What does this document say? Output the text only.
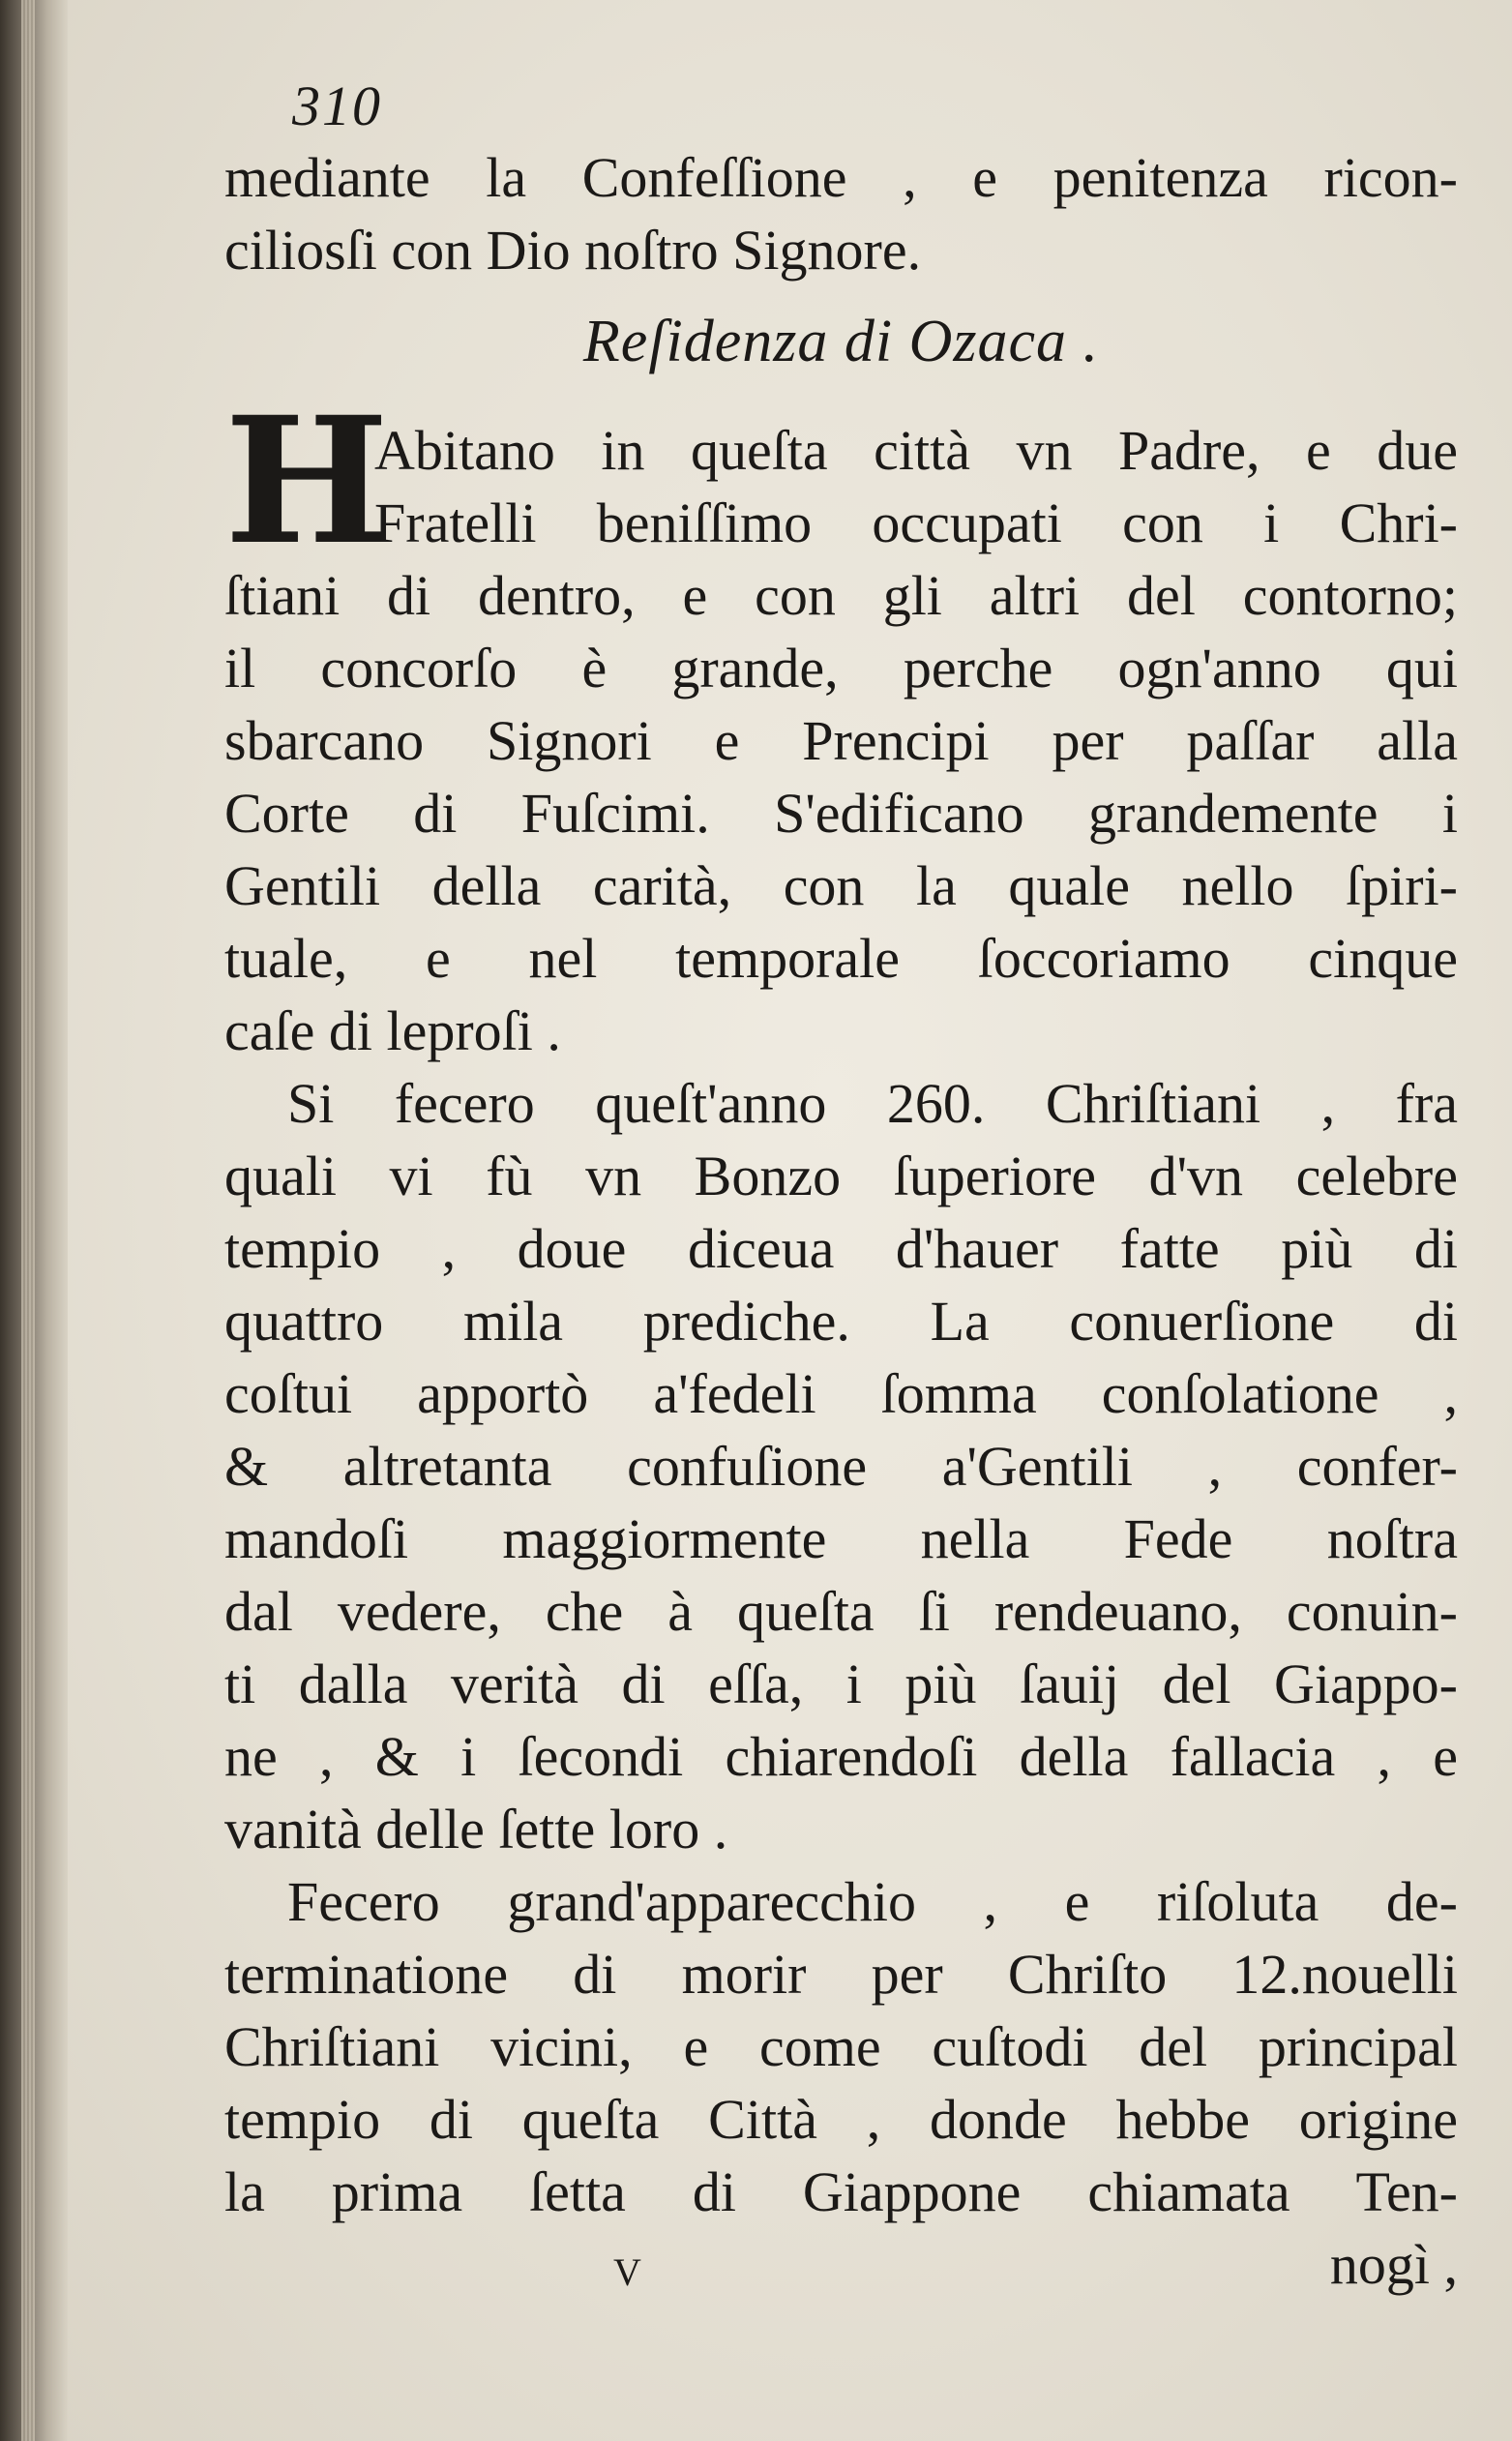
310
mediante la Confeſſione , e penitenza ricon-
ciliosſi con Dio noſtro Signore.
Reſidenza di Ozaca .
H
Abitano in queſta città vn Padre, e due
Fratelli beniſſimo occupati con i Chri-
ſtiani di dentro, e con gli altri del contorno;
il concorſo è grande, perche ogn'anno qui
sbarcano Signori e Prencipi per paſſar alla
Corte di Fuſcimi. S'edificano grandemente i
Gentili della carità, con la quale nello ſpiri-
tuale, e nel temporale ſoccoriamo cinque
caſe di leproſi .
Si fecero queſt'anno 260. Chriſtiani , fra
quali vi fù vn Bonzo ſuperiore d'vn celebre
tempio , doue diceua d'hauer fatte più di
quattro mila prediche. La conuerſione di
coſtui apportò a'fedeli ſomma conſolatione ,
& altretanta confuſione a'Gentili , confer-
mandoſi maggiormente nella Fede noſtra
dal vedere, che à queſta ſi rendeuano, conuin-
ti dalla verità di eſſa, i più ſauij del Giappo-
ne , & i ſecondi chiarendoſi della fallacia , e
vanità delle ſette loro .
Fecero grand'apparecchio , e riſoluta de-
terminatione di morir per Chriſto 12.nouelli
Chriſtiani vicini, e come cuſtodi del principal
tempio di queſta Città , donde hebbe origine
la prima ſetta di Giappone chiamata Ten-
V	nogì ,
